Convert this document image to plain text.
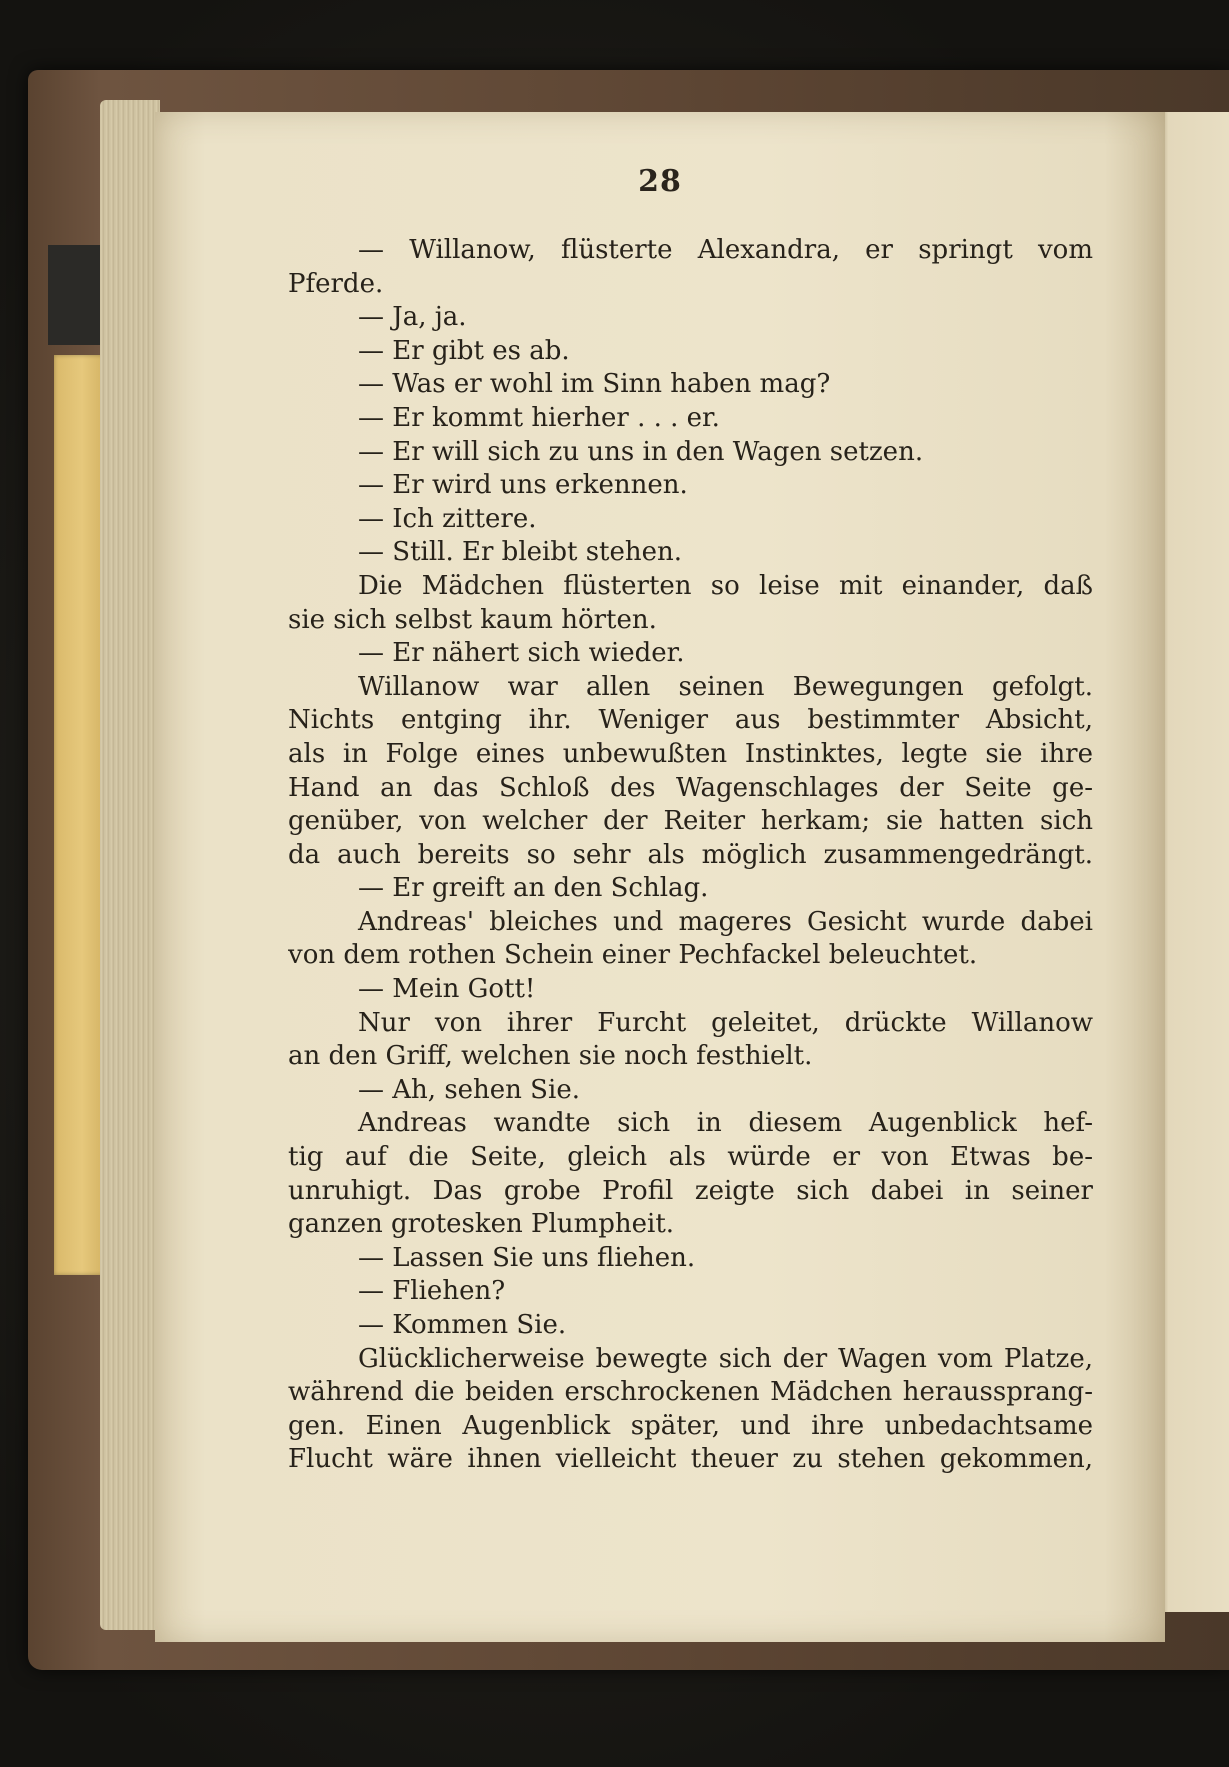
28
— Willanow, flüsterte Alexandra, er springt vom
Pferde.
— Ja, ja.
— Er gibt es ab.
— Was er wohl im Sinn haben mag?
— Er kommt hierher . . . er.
— Er will sich zu uns in den Wagen setzen.
— Er wird uns erkennen.
— Ich zittere.
— Still. Er bleibt stehen.
Die Mädchen flüsterten so leise mit einander, daß
sie sich selbst kaum hörten.
— Er nähert sich wieder.
Willanow war allen seinen Bewegungen gefolgt.
Nichts entging ihr. Weniger aus bestimmter Absicht,
als in Folge eines unbewußten Instinktes, legte sie ihre
Hand an das Schloß des Wagenschlages der Seite ge-
genüber, von welcher der Reiter herkam; sie hatten sich
da auch bereits so sehr als möglich zusammengedrängt.
— Er greift an den Schlag.
Andreas' bleiches und mageres Gesicht wurde dabei
von dem rothen Schein einer Pechfackel beleuchtet.
— Mein Gott!
Nur von ihrer Furcht geleitet, drückte Willanow
an den Griff, welchen sie noch festhielt.
— Ah, sehen Sie.
Andreas wandte sich in diesem Augenblick hef-
tig auf die Seite, gleich als würde er von Etwas be-
unruhigt. Das grobe Profil zeigte sich dabei in seiner
ganzen grotesken Plumpheit.
— Lassen Sie uns fliehen.
— Fliehen?
— Kommen Sie.
Glücklicherweise bewegte sich der Wagen vom Platze,
während die beiden erschrockenen Mädchen heraussprang-
gen. Einen Augenblick später, und ihre unbedachtsame
Flucht wäre ihnen vielleicht theuer zu stehen gekommen,
